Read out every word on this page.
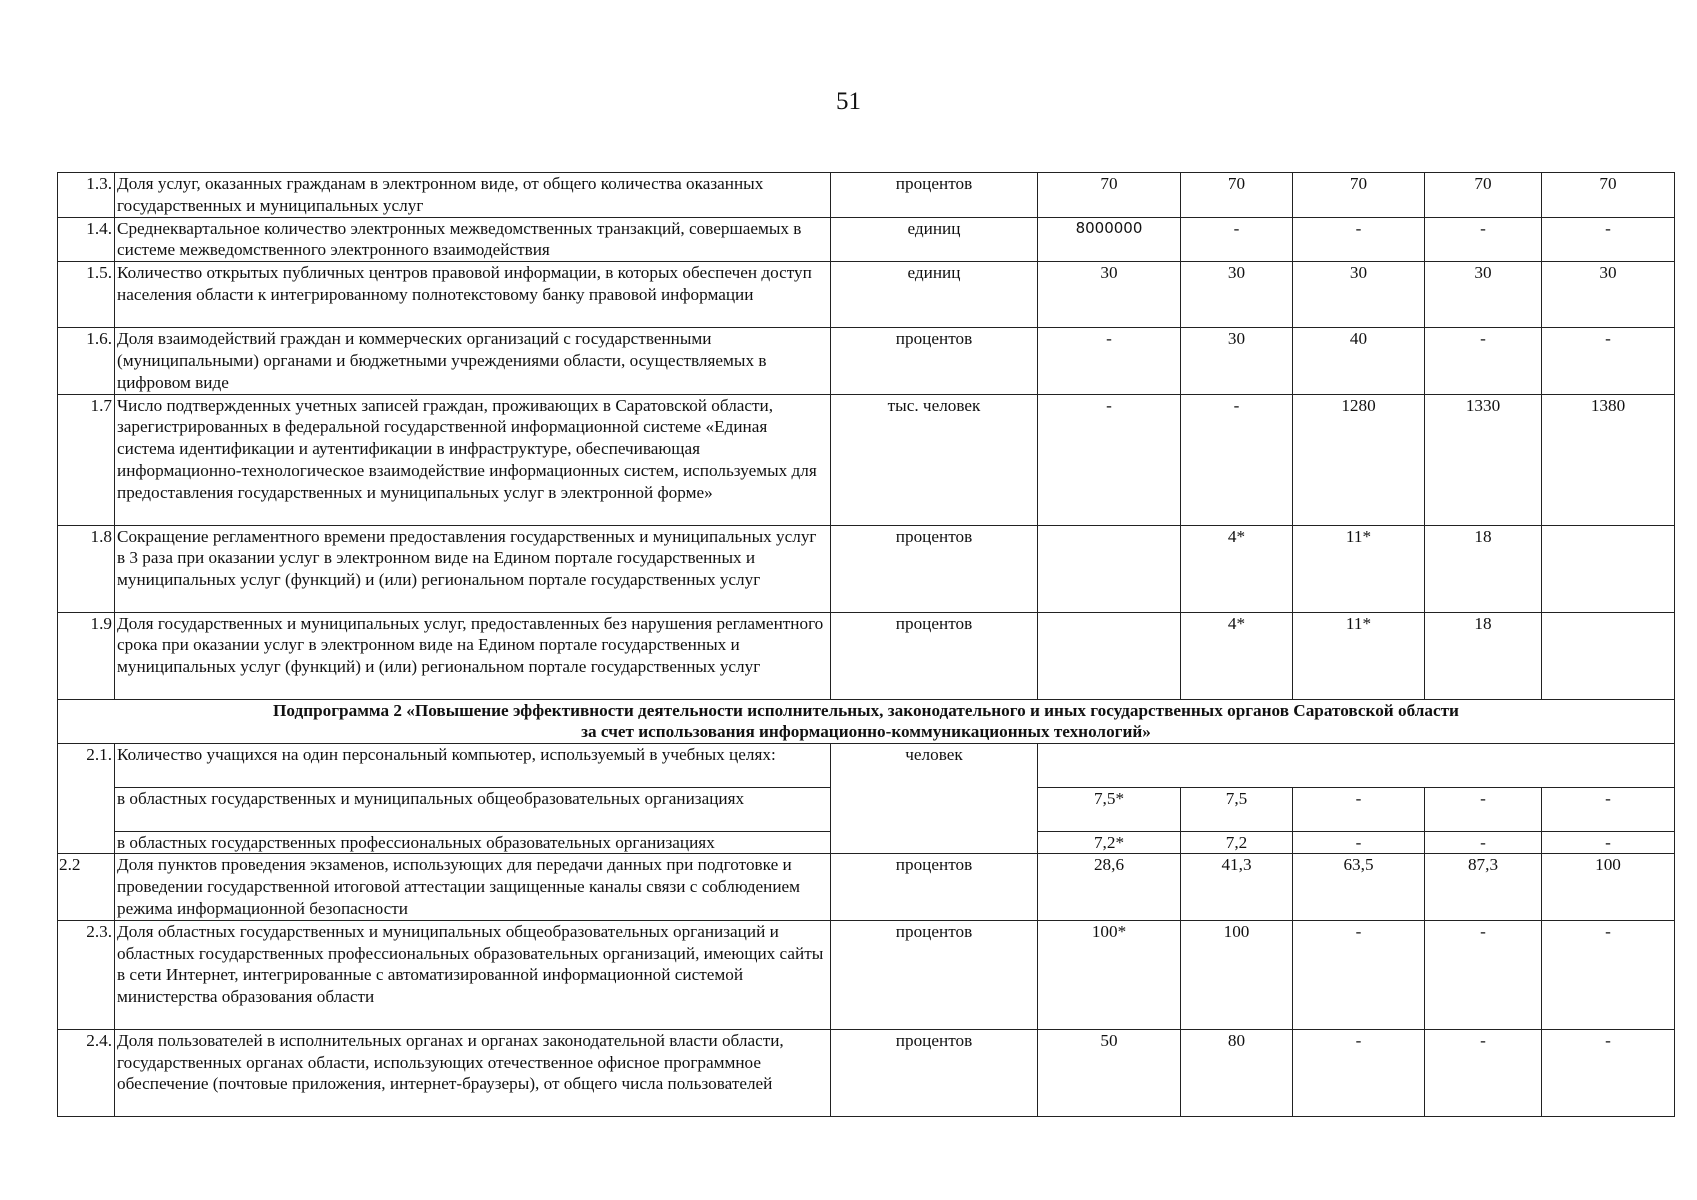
51
1.3.	Доля услуг, оказанных гражданам в электронном виде, от общего количества оказанных государственных и муниципальных услуг	процентов	70	70	70	70	70
1.4.	Среднеквартальное количество электронных межведомственных транзакций, совершаемых в системе межведомственного электронного взаимодействия	единиц	8000000	-	-	-	-
1.5.	Количество открытых публичных центров правовой информации, в которых обеспечен доступ населения области к интегрированному полнотекстовому банку правовой информации	единиц	30	30	30	30	30
1.6.	Доля взаимодействий граждан и коммерческих организаций с государственными (муниципальными) органами и бюджетными учреждениями области, осуществляемых в цифровом виде	процентов	-	30	40	-	-
1.7	Число подтвержденных учетных записей граждан, проживающих в Саратовской области, зарегистрированных в федеральной государственной информационной системе «Единая система идентификации и аутентификации в инфраструктуре, обеспечивающая информационно-технологическое взаимодействие информационных систем, используемых для предоставления государственных и муниципальных услуг в электронной форме»	тыс. человек	-	-	1280	1330	1380
1.8	Сокращение регламентного времени предоставления государственных и муниципальных услуг в 3 раза при оказании услуг в электронном виде на Едином портале государственных и муниципальных услуг (функций) и (или) региональном портале государственных услуг	процентов		4*	11*	18	
1.9	Доля государственных и муниципальных услуг, предоставленных без нарушения регламентного срока при оказании услуг в электронном виде на Едином портале государственных и муниципальных услуг (функций) и (или) региональном портале государственных услуг	процентов		4*	11*	18	

Подпрограмма 2 «Повышение эффективности деятельности исполнительных, законодательного и иных государственных органов Саратовской области
за счет использования информационно-коммуникационных технологий»							

2.1.	Количество учащихся на один персональный компьютер, используемый в учебных целях:	человек					
	в областных государственных и муниципальных общеобразовательных организациях		7,5*	7,5	-	-	-
	в областных государственных профессиональных образовательных организациях		7,2*	7,2	-	-	-
2.2	Доля пунктов проведения экзаменов, использующих для передачи данных при подготовке и проведении государственной итоговой аттестации защищенные каналы связи с соблюдением режима информационной безопасности	процентов	28,6	41,3	63,5	87,3	100
2.3.	Доля областных государственных и муниципальных общеобразовательных организаций и областных государственных профессиональных образовательных организаций, имеющих сайты в сети Интернет, интегрированные с автоматизированной информационной системой министерства образования области	процентов	100*	100	-	-	-
2.4.	Доля пользователей в исполнительных органах и органах законодательной власти области, государственных органах области, использующих отечественное офисное программное обеспечение (почтовые приложения, интернет-браузеры), от общего числа пользователей	процентов	50	80	-	-	-
